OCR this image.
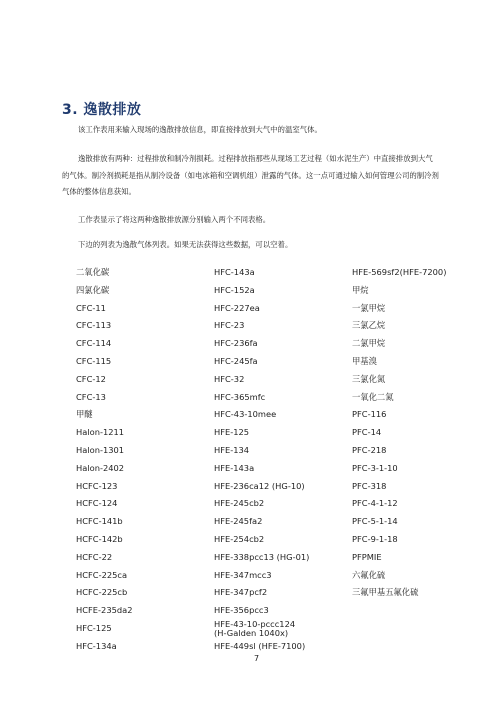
3. 逸散排放

该工作表用来输入现场的逸散排放信息，即直接排放到大气中的温室气体。

逸散排放有两种：过程排放和制冷剂损耗。过程排放指那些从现场工艺过程（如水泥生产）中直接排放到大气的气体。制冷剂损耗是指从制冷设备（如电冰箱和空调机组）泄露的气体。这一点可通过输入如何管理公司的制冷剂气体的整体信息获知。

工作表显示了将这两种逸散排放源分别输入两个不同表格。

下边的列表为逸散气体列表。如果无法获得这些数据，可以空着。

二氧化碳
四氯化碳
CFC-11
CFC-113
CFC-114
CFC-115
CFC-12
CFC-13
甲醚
Halon-1211
Halon-1301
Halon-2402
HCFC-123
HCFC-124
HCFC-141b
HCFC-142b
HCFC-22
HCFC-225ca
HCFC-225cb
HCFE-235da2
HFC-125
HFC-134a
HFC-143a
HFC-152a
HFC-227ea
HFC-23
HFC-236fa
HFC-245fa
HFC-32
HFC-365mfc
HFC-43-10mee
HFE-125
HFE-134
HFE-143a
HFE-236ca12 (HG-10)
HFE-245cb2
HFE-245fa2
HFE-254cb2
HFE-338pcc13 (HG-01)
HFE-347mcc3
HFE-347pcf2
HFE-356pcc3
HFE-43-10-pccc124
(H-Galden 1040x)
HFE-449sl (HFE-7100)
HFE-569sf2(HFE-7200)
甲烷
一氯甲烷
三氯乙烷
二氯甲烷
甲基溴
三氯化氮
一氧化二氮
PFC-116
PFC-14
PFC-218
PFC-3-1-10
PFC-318
PFC-4-1-12
PFC-5-1-14
PFC-9-1-18
PFPMIE
六氟化硫
三氟甲基五氟化硫
7
